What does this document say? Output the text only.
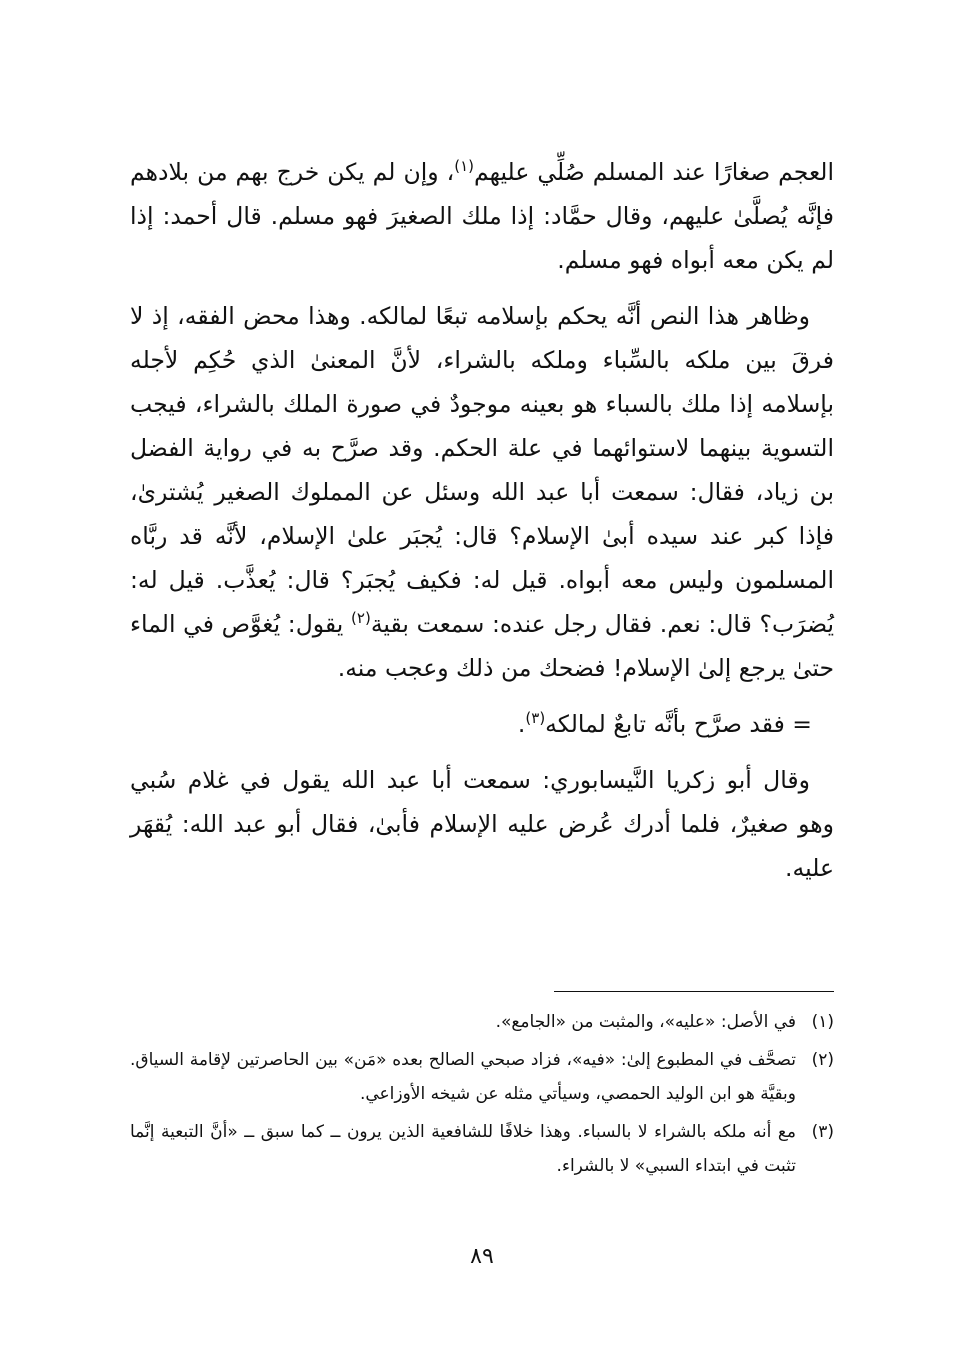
العجم صغارًا عند المسلم صُلِّي عليهم$^{(١)}$، وإن لم يكن خرج بهم من بلادهم فإنَّه يُصلَّىٰ عليهم، وقال حمَّاد: إذا ملك الصغيرَ فهو مسلم. قال أحمد: إذا لم يكن معه أبواه فهو مسلم.

وظاهر هذا النص أنَّه يحكم بإسلامه تبعًا لمالكه. وهذا محض الفقه، إذ لا فرقَ بين ملكه بالسِّباء وملكه بالشراء، لأنَّ المعنىٰ الذي حُكِم لأجله بإسلامه إذا ملك بالسباء هو بعينه موجودٌ في صورة الملك بالشراء، فيجب التسوية بينهما لاستوائهما في علة الحكم. وقد صرَّح به في رواية الفضل بن زياد، فقال: سمعت أبا عبد الله وسئل عن المملوك الصغير يُشترىٰ، فإذا كبر عند سيده أبىٰ الإسلام؟ قال: يُجبَر علىٰ الإسلام، لأنَّه قد ربَّاه المسلمون وليس معه أبواه. قيل له: فكيف يُجبَر؟ قال: يُعذَّب. قيل له: يُضرَب؟ قال: نعم. فقال رجل عنده: سمعت بقية$^{(٢)}$ يقول: يُغوَّص في الماء حتىٰ يرجع إلىٰ الإسلام! فضحك من ذلك وعجب منه.

= فقد صرَّح بأنَّه تابعٌ لمالكه$^{(٣)}$.

وقال أبو زكريا النَّيسابوري: سمعت أبا عبد الله يقول في غلام سُبي وهو صغيرٌ، فلما أدرك عُرض عليه الإسلام فأبىٰ، فقال أبو عبد الله: يُقهَر عليه.

(١)
في الأصل: «عليه»، والمثبت من «الجامع».
(٢)
تصحَّف في المطبوع إلىٰ: «فيه»، فزاد صبحي الصالح بعده «مَن» بين الحاصرتين لإقامة السياق. وبقيَّة هو ابن الوليد الحمصي، وسيأتي مثله عن شيخه الأوزاعي.
(٣)
مع أنه ملكه بالشراء لا بالسباء. وهذا خلافًا للشافعية الذين يرون ــ كما سبق ــ «أنَّ التبعية إنَّما تثبت في ابتداء السبي» لا بالشراء.
٨٩
